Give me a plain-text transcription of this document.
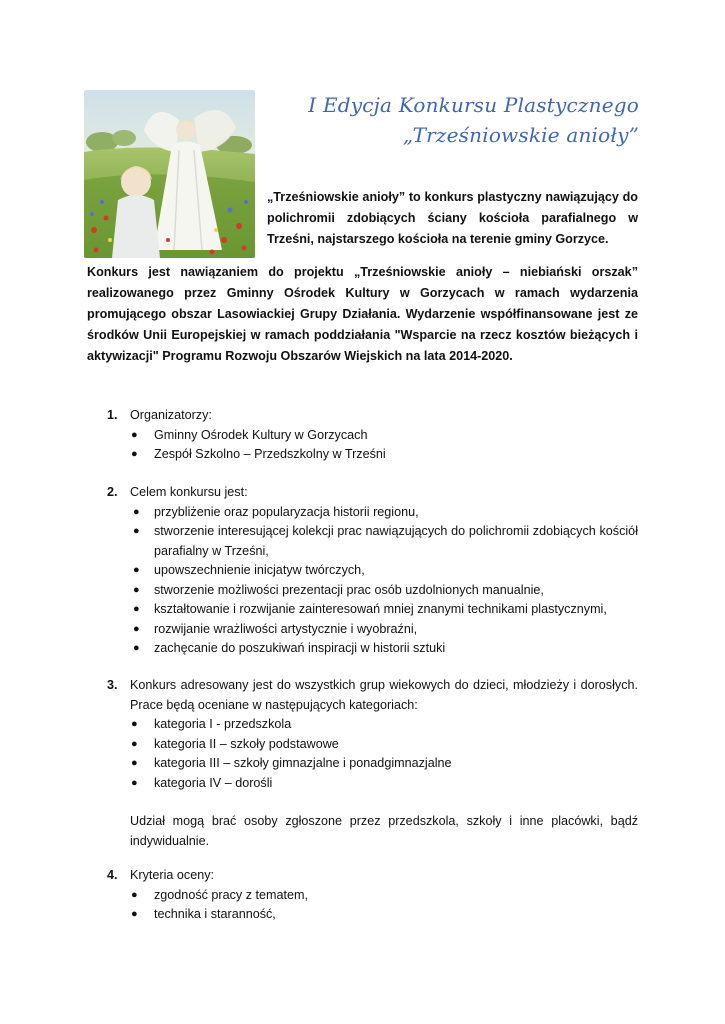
I Edycja Konkursu Plastycznego
„Trześniowskie anioły”
„Trześniowskie anioły” to konkurs plastyczny nawiązujący do polichromii zdobiących ściany kościoła parafialnego w Trześni, najstarszego kościoła na terenie gminy Gorzyce.
Konkurs jest nawiązaniem do projektu „Trześniowskie anioły – niebiański orszak” realizowanego przez Gminny Ośrodek Kultury w Gorzycach w ramach wydarzenia promującego obszar Lasowiackiej Grupy Działania. Wydarzenie współfinansowane jest ze środków Unii Europejskiej w ramach poddziałania "Wsparcie na rzecz kosztów bieżących i aktywizacji" Programu Rozwoju Obszarów Wiejskich na lata 2014-2020.
1. Organizatorzy:
● Gminny Ośrodek Kultury w Gorzycach
● Zespół Szkolno – Przedszkolny w Trześni
2. Celem konkursu jest:
● przybliżenie oraz popularyzacja historii regionu,
● stworzenie interesującej kolekcji prac nawiązujących do polichromii zdobiących kościół parafialny w Trześni,
● upowszechnienie inicjatyw twórczych,
● stworzenie możliwości prezentacji prac osób uzdolnionych manualnie,
● kształtowanie i rozwijanie zainteresowań mniej znanymi technikami plastycznymi,
● rozwijanie wrażliwości artystycznie i wyobraźni,
● zachęcanie do poszukiwań inspiracji w historii sztuki
3. Konkurs adresowany jest do wszystkich grup wiekowych do dzieci, młodzieży i dorosłych. Prace będą oceniane w następujących kategoriach:
● kategoria I - przedszkola
● kategoria II – szkoły podstawowe
● kategoria III – szkoły gimnazjalne i ponadgimnazjalne
● kategoria IV – dorośli
Udział mogą brać osoby zgłoszone przez przedszkola, szkoły i inne placówki, bądź indywidualnie.
4. Kryteria oceny:
● zgodność pracy z tematem,
● technika i staranność,
